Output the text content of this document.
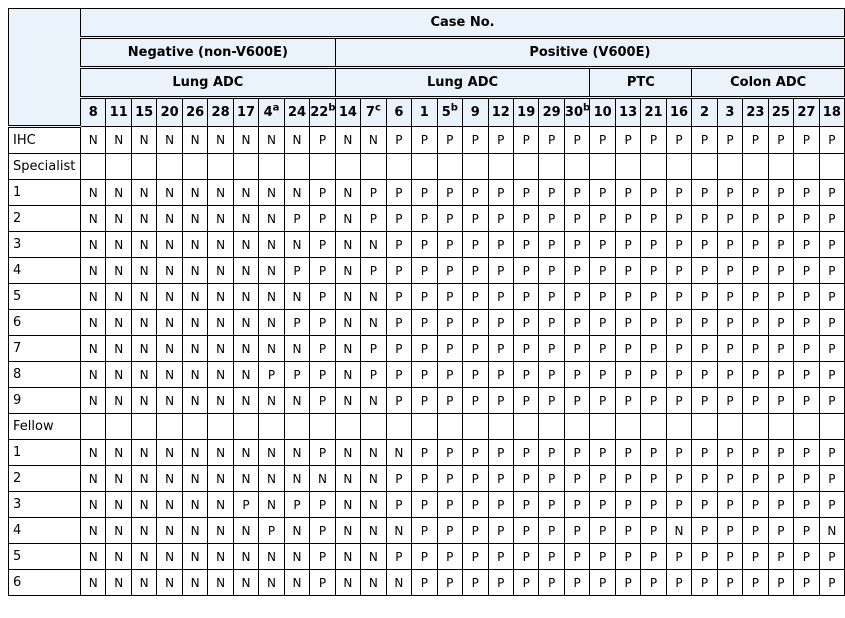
	Case No.																													
	Negative (non-V600E)										Positive (V600E)																			
	Lung ADC										Lung ADC										PTC				Colon ADC					
	8	11	15	20	26	28	17	4$^a$	24	22$^b$	14	7$^c$	6	1	5$^b$	9	12	19	29	30$^b$	10	13	21	16	2	3	23	25	27	18
IHC	N	N	N	N	N	N	N	N	N	P	N	N	P	P	P	P	P	P	P	P	P	P	P	P	P	P	P	P	P	P
Specialist																														
1	N	N	N	N	N	N	N	N	N	P	N	P	P	P	P	P	P	P	P	P	P	P	P	P	P	P	P	P	P	P
2	N	N	N	N	N	N	N	N	P	P	N	P	P	P	P	P	P	P	P	P	P	P	P	P	P	P	P	P	P	P
3	N	N	N	N	N	N	N	N	N	P	N	N	P	P	P	P	P	P	P	P	P	P	P	P	P	P	P	P	P	P
4	N	N	N	N	N	N	N	N	P	P	N	P	P	P	P	P	P	P	P	P	P	P	P	P	P	P	P	P	P	P
5	N	N	N	N	N	N	N	N	N	P	N	N	P	P	P	P	P	P	P	P	P	P	P	P	P	P	P	P	P	P
6	N	N	N	N	N	N	N	N	P	P	N	N	P	P	P	P	P	P	P	P	P	P	P	P	P	P	P	P	P	P
7	N	N	N	N	N	N	N	N	N	P	N	P	P	P	P	P	P	P	P	P	P	P	P	P	P	P	P	P	P	P
8	N	N	N	N	N	N	N	P	P	P	N	P	P	P	P	P	P	P	P	P	P	P	P	P	P	P	P	P	P	P
9	N	N	N	N	N	N	N	N	N	P	N	N	P	P	P	P	P	P	P	P	P	P	P	P	P	P	P	P	P	P
Fellow																														
1	N	N	N	N	N	N	N	N	N	P	N	N	N	P	P	P	P	P	P	P	P	P	P	P	P	P	P	P	P	P
2	N	N	N	N	N	N	N	N	N	N	N	N	P	P	P	P	P	P	P	P	P	P	P	P	P	P	P	P	P	P
3	N	N	N	N	N	N	P	N	P	P	N	N	P	P	P	P	P	P	P	P	P	P	P	P	P	P	P	P	P	P
4	N	N	N	N	N	N	N	P	N	P	N	N	N	P	P	P	P	P	P	P	P	P	P	N	P	P	P	P	P	N
5	N	N	N	N	N	N	N	N	N	P	N	N	P	P	P	P	P	P	P	P	P	P	P	P	P	P	P	P	P	P
6	N	N	N	N	N	N	N	N	N	P	N	N	N	P	P	P	P	P	P	P	P	P	P	P	P	P	P	P	P	P
